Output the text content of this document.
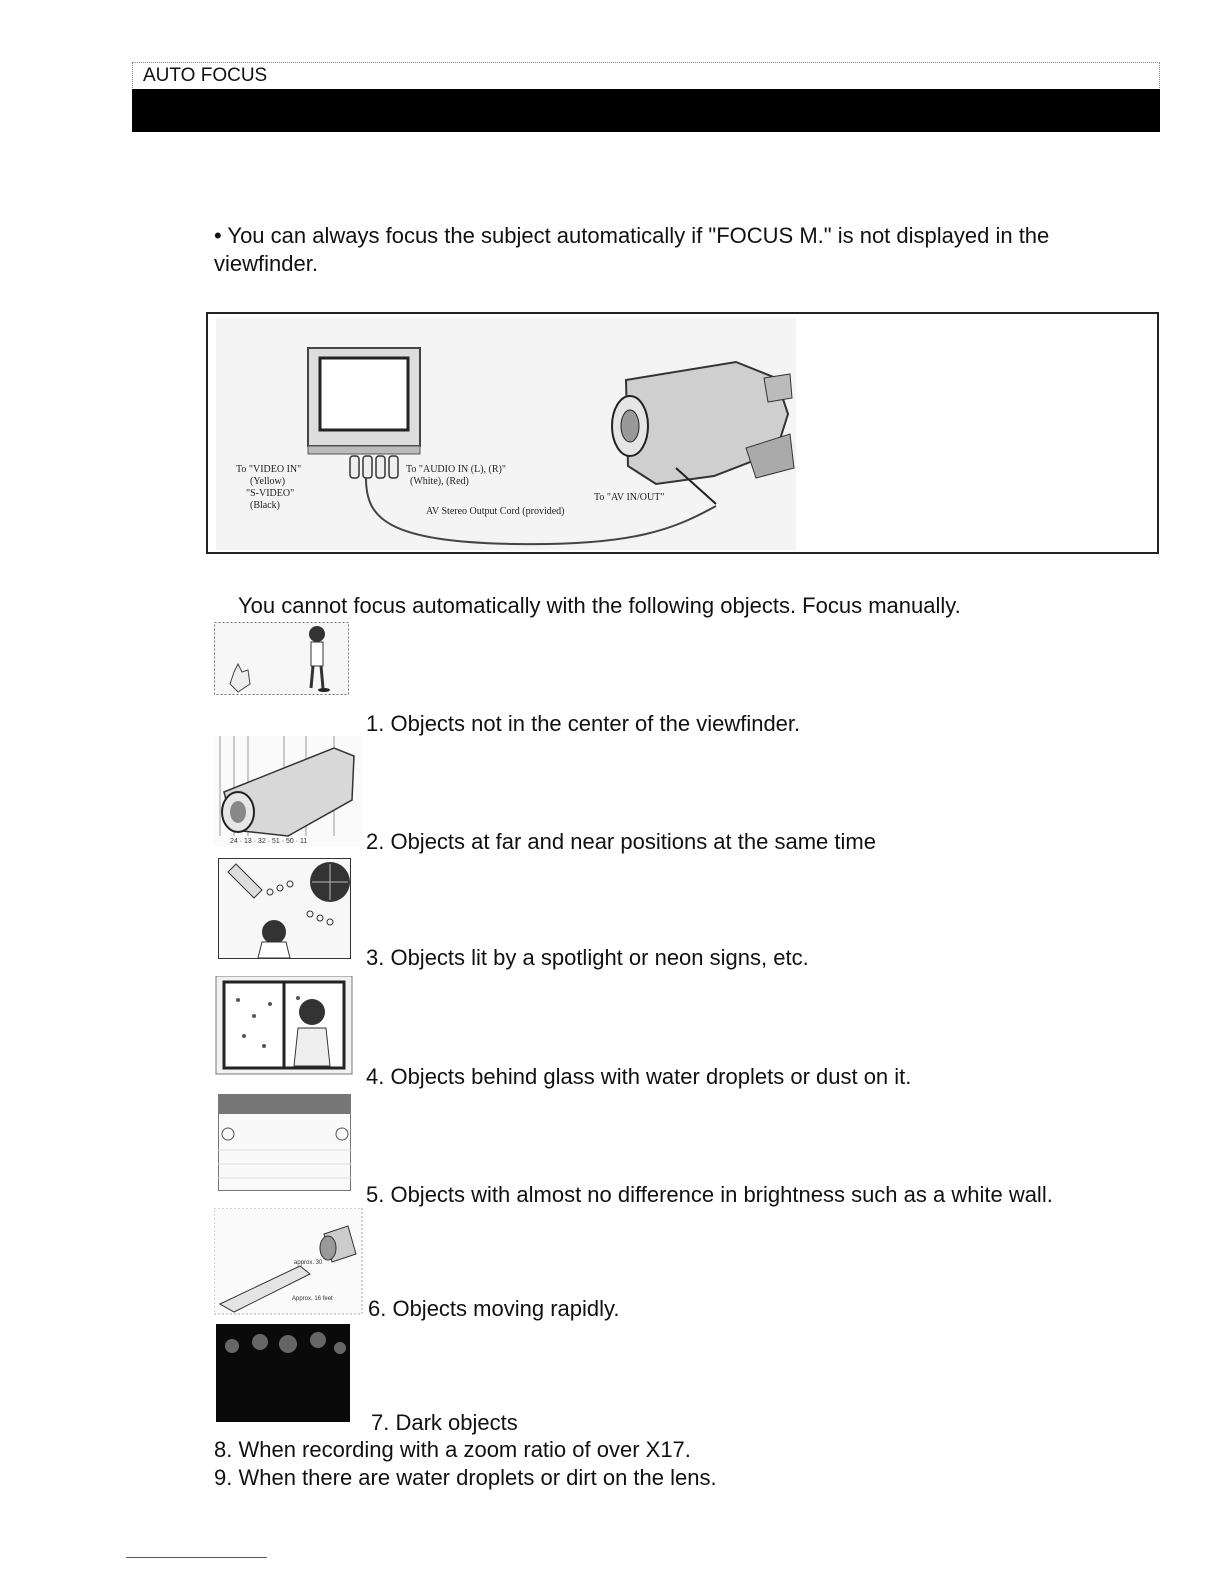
AUTO FOCUS
• You can always focus the subject automatically if "FOCUS M." is not displayed in the viewfinder.
To "VIDEO IN"
(Yellow)
"S-VIDEO"
(Black)
To "AUDIO IN (L), (R)"
(White), (Red)
To "AV IN/OUT"
AV Stereo Output Cord (provided)
You cannot focus automatically with the following objects. Focus manually.
1. Objects not in the center of the viewfinder.
24 · 13 · 32 · 51 · 50 · 11	2. Objects at far and near positions at the same time
3. Objects lit by a spotlight or neon signs, etc.
4. Objects behind glass with water droplets or dust on it.
5. Objects with almost no difference in brightness such as a white wall.
approx. 30
Approx. 16 feet 6. Objects moving rapidly.
7. Dark objects
8. When recording with a zoom ratio of over X17.
9. When there are water droplets or dirt on the lens.
